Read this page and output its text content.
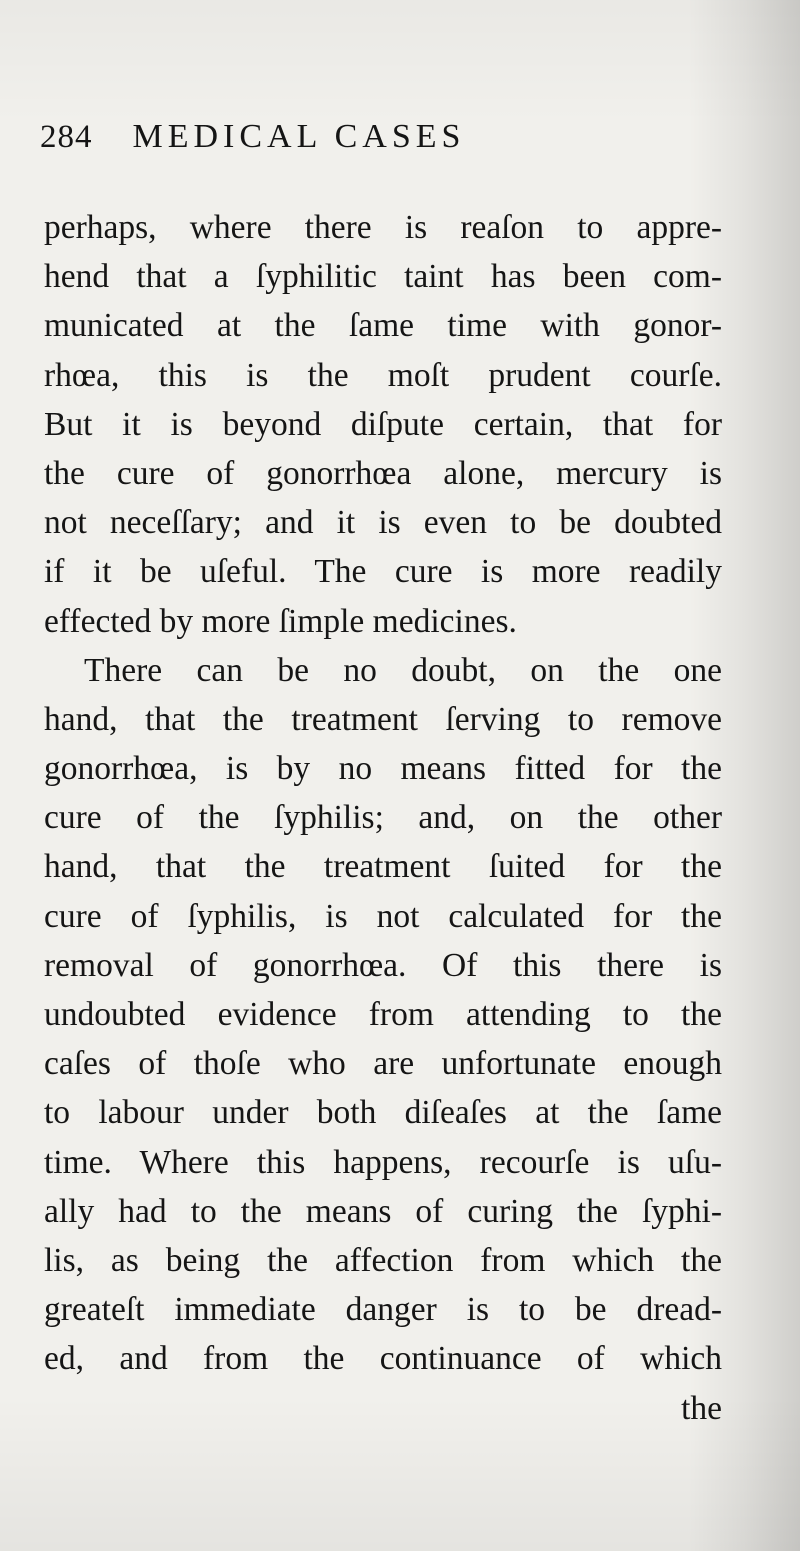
284 MEDICAL CASES
perhaps, where there is reaſon to appre-
hend that a ſyphilitic taint has been com-
municated at the ſame time with gonor-
rhœa, this is the moſt prudent courſe.
But it is beyond diſpute certain, that for
the cure of gonorrhœa alone, mercury is
not neceſſary; and it is even to be doubted
if it be uſeful. The cure is more readily
effected by more ſimple medicines.
There can be no doubt, on the one
hand, that the treatment ſerving to remove
gonorrhœa, is by no means fitted for the
cure of the ſyphilis; and, on the other
hand, that the treatment ſuited for the
cure of ſyphilis, is not calculated for the
removal of gonorrhœa. Of this there is
undoubted evidence from attending to the
caſes of thoſe who are unfortunate enough
to labour under both diſeaſes at the ſame
time. Where this happens, recourſe is uſu-
ally had to the means of curing the ſyphi-
lis, as being the affection from which the
greateſt immediate danger is to be dread-
ed, and from the continuance of which
the
